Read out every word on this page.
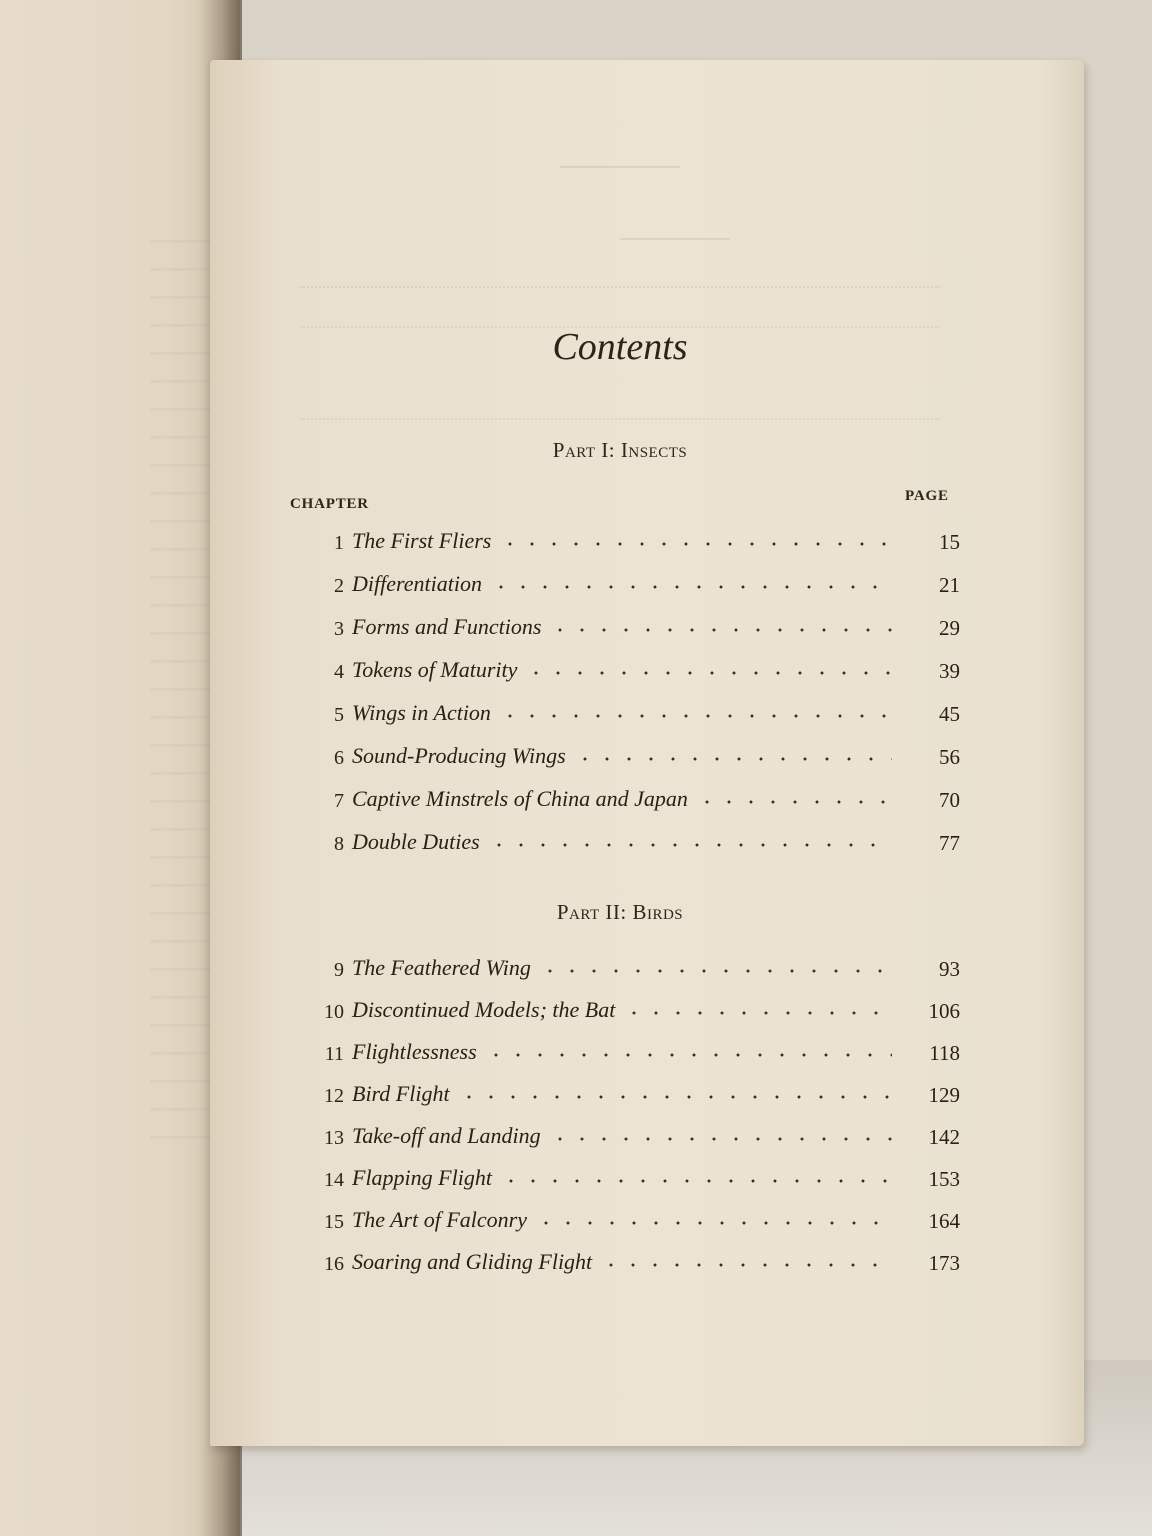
Contents
Part I: Insects
CHAPTER	PAGE
1 The First Fliers	15
2 Differentiation	21
3 Forms and Functions	29
4 Tokens of Maturity	39
5 Wings in Action	45
6 Sound-Producing Wings	56
7 Captive Minstrels of China and Japan	70
8 Double Duties	77
Part II: Birds
9 The Feathered Wing	93
10 Discontinued Models; the Bat	106
11 Flightlessness	118
12 Bird Flight	129
13 Take-off and Landing	142
14 Flapping Flight	153
15 The Art of Falconry	164
16 Soaring and Gliding Flight	173
